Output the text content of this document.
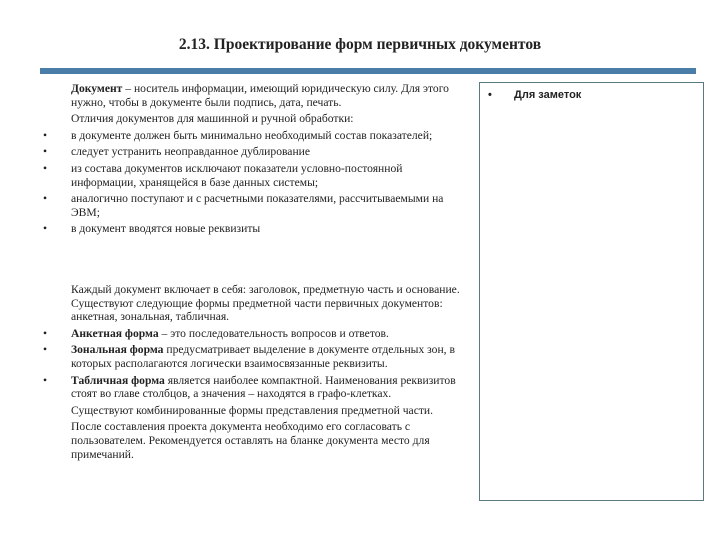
2.13. Проектирование форм первичных документов
Документ – носитель информации, имеющий юридическую силу. Для этого нужно, чтобы в документе были подпись, дата, печать.
Отличия документов для машинной и ручной обработки:
• в документе должен быть минимально необходимый состав показателей;
• следует устранить неоправданное дублирование
• из состава документов исключают показатели условно-постоянной информации, хранящейся в базе данных системы;
• аналогично поступают и с расчетными показателями, рассчитываемыми на ЭВМ;
• в документ вводятся новые реквизиты
Каждый документ включает в себя: заголовок, предметную часть и основание. Существуют следующие формы предметной части первичных документов: анкетная, зональная, табличная.
• Анкетная форма – это последовательность вопросов и ответов.
• Зональная форма предусматривает выделение в документе отдельных зон, в которых располагаются логически взаимосвязанные реквизиты.
• Табличная форма является наиболее компактной. Наименования реквизитов стоят во главе столбцов, а значения – находятся в графо-клетках.
Существуют комбинированные формы представления предметной части.
После составления проекта документа необходимо его согласовать с пользователем. Рекомендуется оставлять на бланке документа место для примечаний.
• Для заметок
